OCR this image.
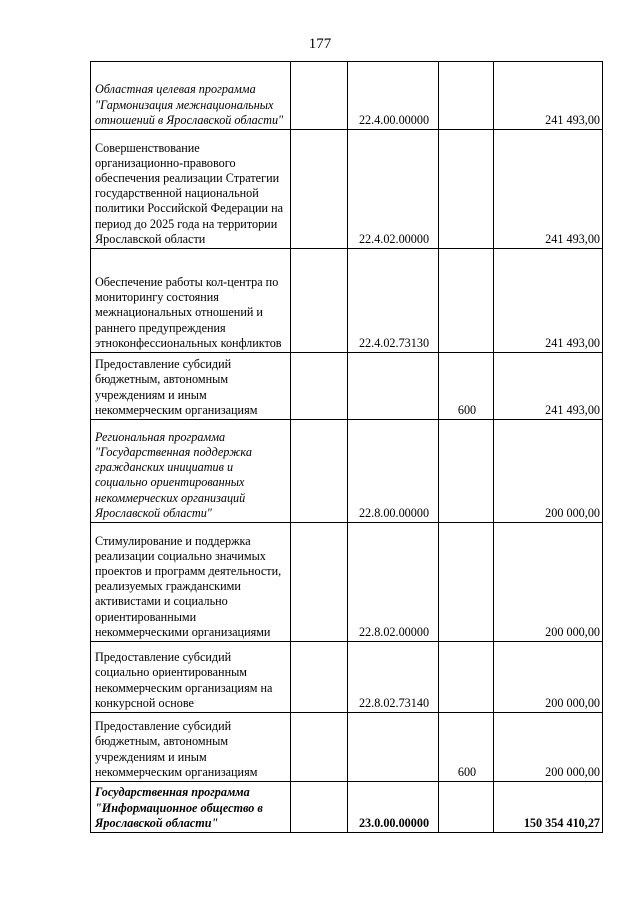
177
Областная целевая программа "Гармонизация межнациональных отношений в Ярославской области"		22.4.00.00000		241 493,00
Совершенствование организационно-правового обеспечения реализации Стратегии государственной национальной политики Российской Федерации на период до 2025 года на территории Ярославской области		22.4.02.00000		241 493,00
Обеспечение работы кол-центра по мониторингу состояния межнациональных отношений и раннего предупреждения этноконфессиональных конфликтов		22.4.02.73130		241 493,00
Предоставление субсидий бюджетным, автономным учреждениям и иным некоммерческим организациям			600	241 493,00
Региональная программа "Государственная поддержка гражданских инициатив и социально ориентированных некоммерческих организаций Ярославской области"		22.8.00.00000		200 000,00
Стимулирование и поддержка реализации социально значимых проектов и программ деятельности, реализуемых гражданскими активистами и социально ориентированными некоммерческими организациями		22.8.02.00000		200 000,00
Предоставление субсидий социально ориентированным некоммерческим организациям на конкурсной основе		22.8.02.73140		200 000,00
Предоставление субсидий бюджетным, автономным учреждениям и иным некоммерческим организациям			600	200 000,00
Государственная программа "Информационное общество в Ярославской области"		23.0.00.00000		150 354 410,27
